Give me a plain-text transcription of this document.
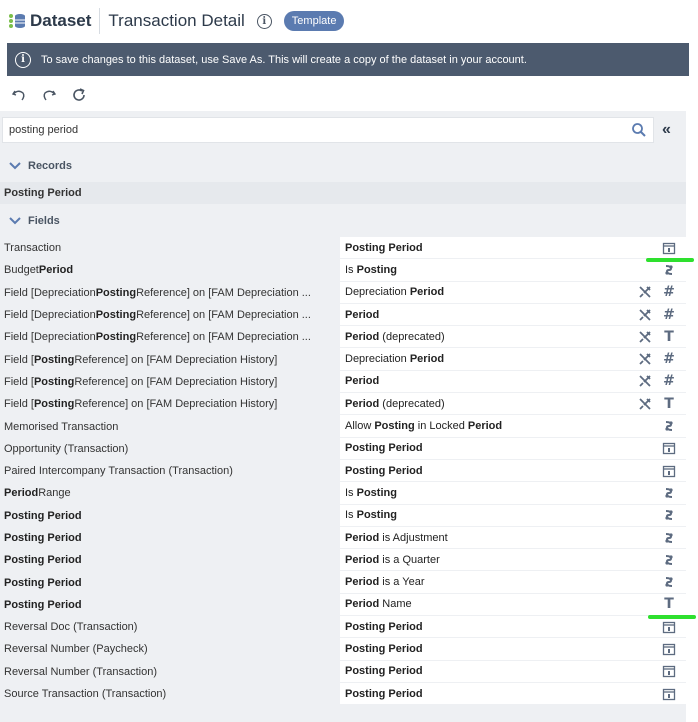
Dataset Transaction Detail	i	Template
i	To save changes to this dataset, use Save As. This will create a copy of the dataset in your account.
posting period	«
Records
Posting Period
Fields
Transaction	Posting Period
Budget Period	Is Posting
Field [Depreciation Posting Reference] on [FAM Depreciation ...	Depreciation Period	#
Field [Depreciation Posting Reference] on [FAM Depreciation ...	Period	#
Field [Depreciation Posting Reference] on [FAM Depreciation ...	Period (deprecated)	T
Field [ Posting Reference] on [FAM Depreciation History]	Depreciation Period	#
Field [ Posting Reference] on [FAM Depreciation History]	Period	#
Field [ Posting Reference] on [FAM Depreciation History]	Period (deprecated)	T
Memorised Transaction	Allow Posting in Locked Period
Opportunity (Transaction)	Posting Period
Paired Intercompany Transaction (Transaction)	Posting Period
Period Range	Is Posting
Posting Period	Is Posting
Posting Period	Period is Adjustment
Posting Period	Period is a Quarter
Posting Period	Period is a Year
Posting Period	Period Name	T
Reversal Doc (Transaction)	Posting Period
Reversal Number (Paycheck)	Posting Period
Reversal Number (Transaction)	Posting Period
Source Transaction (Transaction)	Posting Period
